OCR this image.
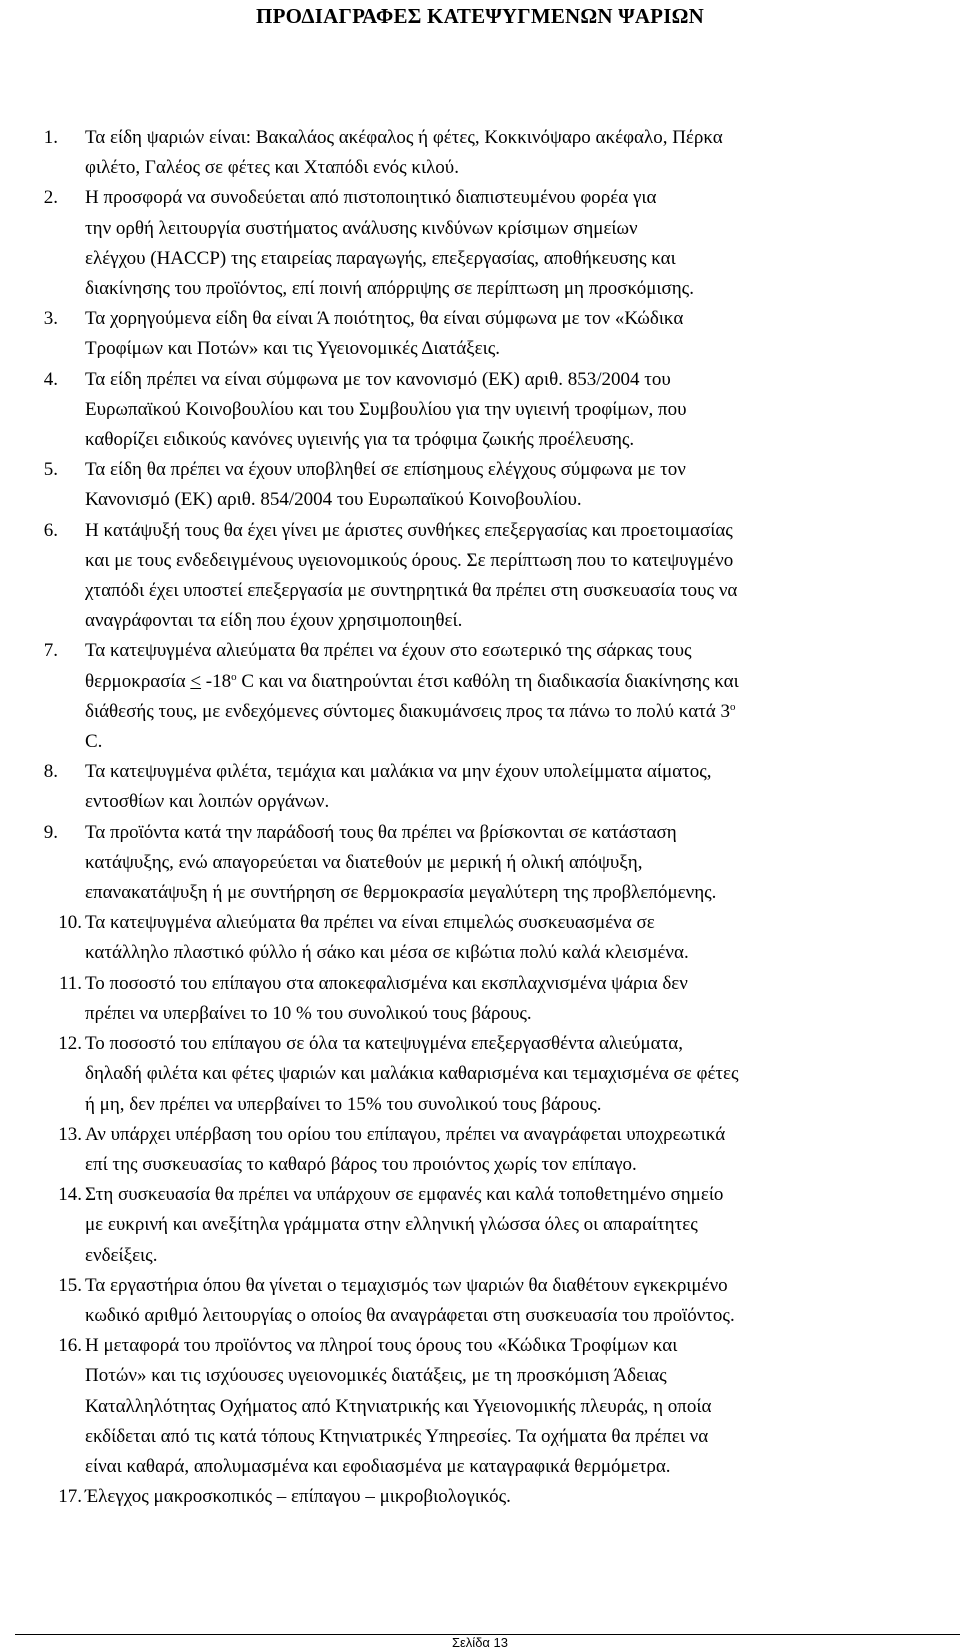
ΠΡΟΔΙΑΓΡΑΦΕΣ ΚΑΤΕΨΥΓΜΕΝΩΝ ΨΑΡΙΩΝ
1. Τα είδη ψαριών είναι: Βακαλάος ακέφαλος ή φέτες, Κοκκινόψαρο ακέφαλο, Πέρκα
φιλέτο, Γαλέος σε φέτες και Χταπόδι ενός κιλού.
2. Η προσφορά να συνοδεύεται από πιστοποιητικό διαπιστευμένου φορέα για
την ορθή λειτουργία συστήματος ανάλυσης κινδύνων κρίσιμων σημείων
ελέγχου (HACCP) της εταιρείας παραγωγής, επεξεργασίας, αποθήκευσης και
διακίνησης του προϊόντος, επί ποινή απόρριψης σε περίπτωση μη προσκόμισης.
3. Τα χορηγούμενα είδη θα είναι Ά ποιότητος, θα είναι σύμφωνα με τον «Κώδικα
Τροφίμων και Ποτών» και τις Υγειονομικές Διατάξεις.
4. Τα είδη πρέπει να είναι σύμφωνα με τον κανονισμό (ΕΚ) αριθ. 853/2004 του
Ευρωπαϊκού Κοινοβουλίου και του Συμβουλίου για την υγιεινή τροφίμων, που
καθορίζει ειδικούς κανόνες υγιεινής για τα τρόφιμα ζωικής προέλευσης.
5. Τα είδη θα πρέπει να έχουν υποβληθεί σε επίσημους ελέγχους σύμφωνα με τον
Κανονισμό (ΕΚ) αριθ. 854/2004 του Ευρωπαϊκού Κοινοβουλίου.
6. Η κατάψυξή τους θα έχει γίνει με άριστες συνθήκες επεξεργασίας και προετοιμασίας
και με τους ενδεδειγμένους υγειονομικούς όρους. Σε περίπτωση που το κατεψυγμένο
χταπόδι έχει υποστεί επεξεργασία με συντηρητικά θα πρέπει στη συσκευασία τους να
αναγράφονται τα είδη που έχουν χρησιμοποιηθεί.
7. Τα κατεψυγμένα αλιεύματα θα πρέπει να έχουν στο εσωτερικό της σάρκας τους
$\theta\varepsilon\rho\mu o\kappa\rho\alpha\sigma ί\alpha \le -18^o$ C και να διατηρούνται έτσι καθόλη τη διαδικασία διακίνησης και
διάθεσής τους, με ενδεχόμενες σύντομες διακυμάνσεις προς τα πάνω το πολύ κατά $3^o$
C.
8. Τα κατεψυγμένα φιλέτα, τεμάχια και μαλάκια να μην έχουν υπολείμματα αίματος,
εντοσθίων και λοιπών οργάνων.
9. Τα προϊόντα κατά την παράδοσή τους θα πρέπει να βρίσκονται σε κατάσταση
κατάψυξης, ενώ απαγορεύεται να διατεθούν με μερική ή ολική απόψυξη,
επανακατάψυξη ή με συντήρηση σε θερμοκρασία μεγαλύτερη της προβλεπόμενης.
10. Τα κατεψυγμένα αλιεύματα θα πρέπει να είναι επιμελώς συσκευασμένα σε
κατάλληλο πλαστικό φύλλο ή σάκο και μέσα σε κιβώτια πολύ καλά κλεισμένα.
11. Το ποσοστό του επίπαγου στα αποκεφαλισμένα και εκσπλαχνισμένα ψάρια δεν
πρέπει να υπερβαίνει το 10 % του συνολικού τους βάρους.
12. Το ποσοστό του επίπαγου σε όλα τα κατεψυγμένα επεξεργασθέντα αλιεύματα,
δηλαδή φιλέτα και φέτες ψαριών και μαλάκια καθαρισμένα και τεμαχισμένα σε φέτες
ή μη, δεν πρέπει να υπερβαίνει το 15% του συνολικού τους βάρους.
13. Αν υπάρχει υπέρβαση του ορίου του επίπαγου, πρέπει να αναγράφεται υποχρεωτικά
επί της συσκευασίας το καθαρό βάρος του προιόντος χωρίς τον επίπαγο.
14. Στη συσκευασία θα πρέπει να υπάρχουν σε εμφανές και καλά τοποθετημένο σημείο
με ευκρινή και ανεξίτηλα γράμματα στην ελληνική γλώσσα όλες οι απαραίτητες
ενδείξεις.
15. Τα εργαστήρια όπου θα γίνεται ο τεμαχισμός των ψαριών θα διαθέτουν εγκεκριμένο
κωδικό αριθμό λειτουργίας ο οποίος θα αναγράφεται στη συσκευασία του προϊόντος.
16. Η μεταφορά του προϊόντος να πληροί τους όρους του «Κώδικα Τροφίμων και
Ποτών» και τις ισχύουσες υγειονομικές διατάξεις, με τη προσκόμιση Άδειας
Καταλληλότητας Οχήματος από Κτηνιατρικής και Υγειονομικής πλευράς, η οποία
εκδίδεται από τις κατά τόπους Κτηνιατρικές Υπηρεσίες. Τα οχήματα θα πρέπει να
είναι καθαρά, απολυμασμένα και εφοδιασμένα με καταγραφικά θερμόμετρα.
17. Έλεγχος μακροσκοπικός – επίπαγου – μικροβιολογικός.
Σελίδα 13
